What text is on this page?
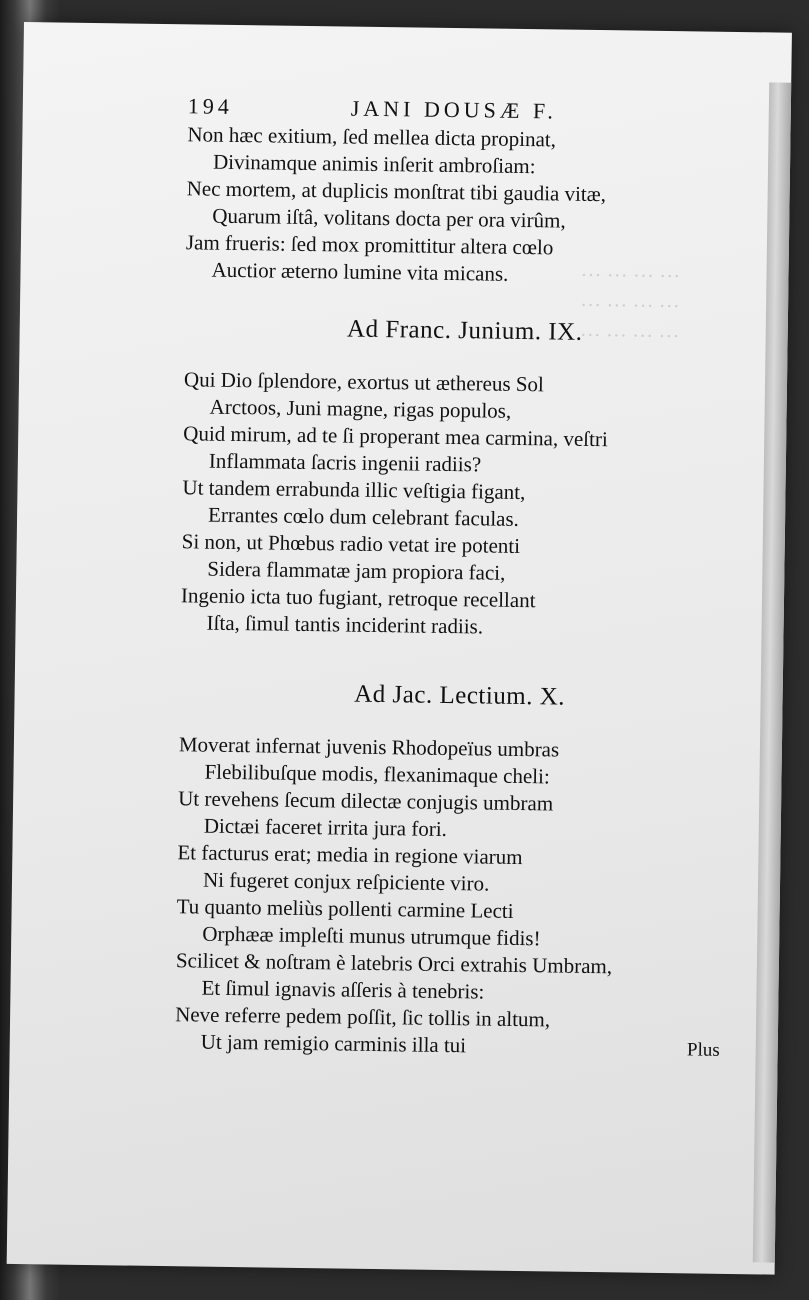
··· ··· ··· ···
··· ··· ··· ···
··· ··· ··· ···
194	JANI DOUSÆ F.
Non hæc exitium, ſed mellea dicta propinat,
Divinamque animis inſerit ambroſiam:
Nec mortem, at duplicis monſtrat tibi gaudia vitæ,
Quarum iſtâ, volitans docta per ora virûm,
Jam frueris: ſed mox promittitur altera cœlo
Auctior æterno lumine vita micans.
Ad Franc. Junium. IX.
Qui Dio ſplendore, exortus ut æthereus Sol
Arctoos, Juni magne, rigas populos,
Quid mirum, ad te ſi properant mea carmina, veſtri
Inflammata ſacris ingenii radiis?
Ut tandem errabunda illic veſtigia figant,
Errantes cœlo dum celebrant faculas.
Si non, ut Phœbus radio vetat ire potenti
Sidera flammatæ jam propiora faci,
Ingenio icta tuo fugiant, retroque recellant
Iſta, ſimul tantis inciderint radiis.
Ad Jac. Lectium. X.
Moverat infernat juvenis Rhodopeïus umbras
Flebilibuſque modis, flexanimaque cheli:
Ut revehens ſecum dilectæ conjugis umbram
Dictæi faceret irrita jura fori.
Et facturus erat; media in regione viarum
Ni fugeret conjux reſpiciente viro.
Tu quanto meliùs pollenti carmine Lecti
Orphææ impleſti munus utrumque fidis!
Scilicet & noſtram è latebris Orci extrahis Umbram,
Et ſimul ignavis aſſeris à tenebris:
Neve referre pedem poſſit, ſic tollis in altum,
Ut jam remigio carminis illa tui	Plus
